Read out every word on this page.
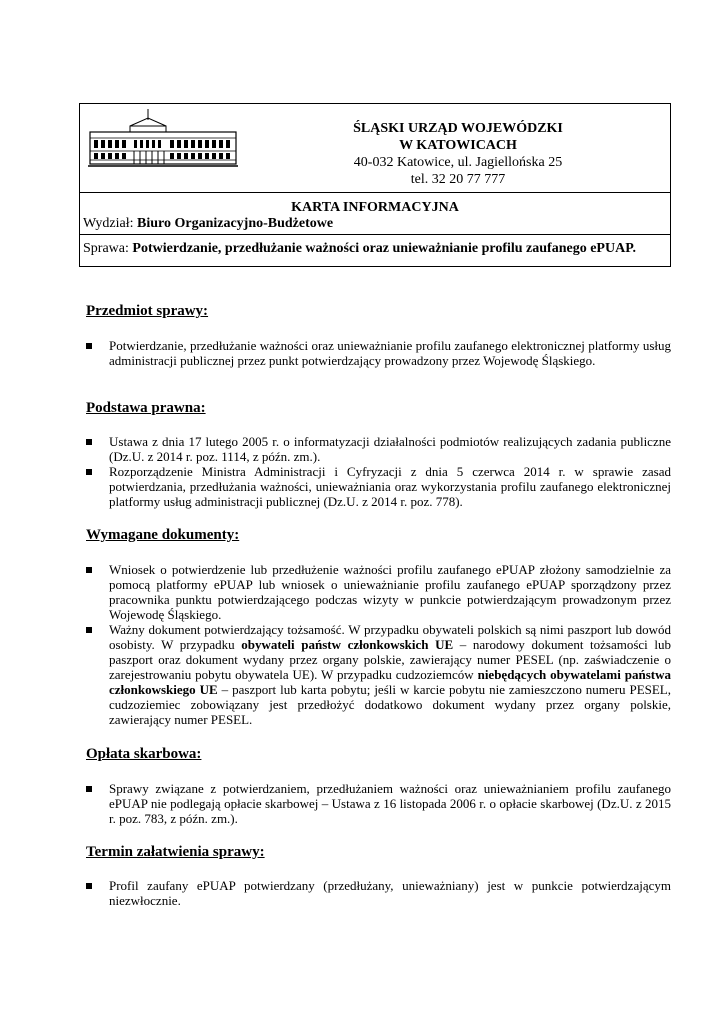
ŚLĄSKI URZĄD WOJEWÓDZKI
W KATOWICACH
40-032 Katowice, ul. Jagiellońska 25
tel. 32 20 77 777
KARTA INFORMACYJNA
Wydział: Biuro Organizacyjno-Budżetowe
Sprawa: Potwierdzanie, przedłużanie ważności oraz unieważnianie profilu zaufanego ePUAP.
Przedmiot sprawy:
Potwierdzanie, przedłużanie ważności oraz unieważnianie profilu zaufanego elektronicznej platformy usług administracji publicznej przez punkt potwierdzający prowadzony przez Wojewodę Śląskiego.
Podstawa prawna:
Ustawa z dnia 17 lutego 2005 r. o informatyzacji działalności podmiotów realizujących zadania publiczne (Dz.U. z 2014 r. poz. 1114, z późn. zm.).
Rozporządzenie Ministra Administracji i Cyfryzacji z dnia 5 czerwca 2014 r. w sprawie zasad potwierdzania, przedłużania ważności, unieważniania oraz wykorzystania profilu zaufanego elektronicznej platformy usług administracji publicznej (Dz.U. z 2014 r. poz. 778).
Wymagane dokumenty:
Wniosek o potwierdzenie lub przedłużenie ważności profilu zaufanego ePUAP złożony samodzielnie za pomocą platformy ePUAP lub wniosek o unieważnianie profilu zaufanego ePUAP sporządzony przez pracownika punktu potwierdzającego podczas wizyty w punkcie potwierdzającym prowadzonym przez Wojewodę Śląskiego.
Ważny dokument potwierdzający tożsamość. W przypadku obywateli polskich są nimi paszport lub dowód osobisty. W przypadku obywateli państw członkowskich UE – narodowy dokument tożsamości lub paszport oraz dokument wydany przez organy polskie, zawierający numer PESEL (np. zaświadczenie o zarejestrowaniu pobytu obywatela UE). W przypadku cudzoziemców niebędących obywatelami państwa członkowskiego UE – paszport lub karta pobytu; jeśli w karcie pobytu nie zamieszczono numeru PESEL, cudzoziemiec zobowiązany jest przedłożyć dodatkowo dokument wydany przez organy polskie, zawierający numer PESEL.
Opłata skarbowa:
Sprawy związane z potwierdzaniem, przedłużaniem ważności oraz unieważnianiem profilu zaufanego ePUAP nie podlegają opłacie skarbowej – Ustawa z 16 listopada 2006 r. o opłacie skarbowej (Dz.U. z 2015 r. poz. 783, z późn. zm.).
Termin załatwienia sprawy:
Profil zaufany ePUAP potwierdzany (przedłużany, unieważniany) jest w punkcie potwierdzającym niezwłocznie.
